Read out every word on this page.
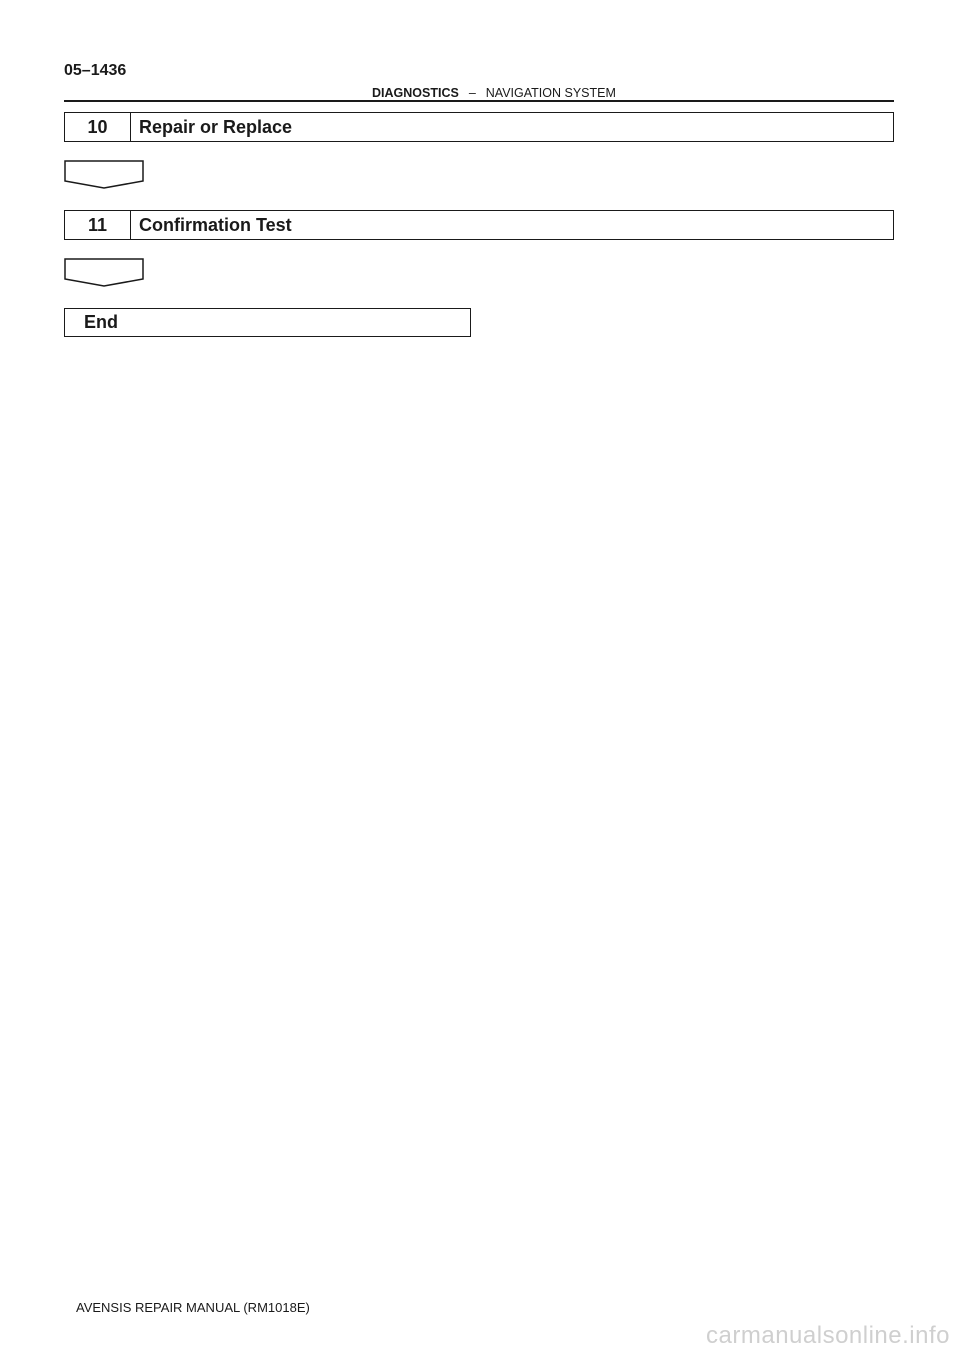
05–1436
DIAGNOSTICS – NAVIGATION SYSTEM
10	Repair or Replace
11	Confirmation Test
End
AVENSIS REPAIR MANUAL (RM1018E)
carmanualsonline.info
